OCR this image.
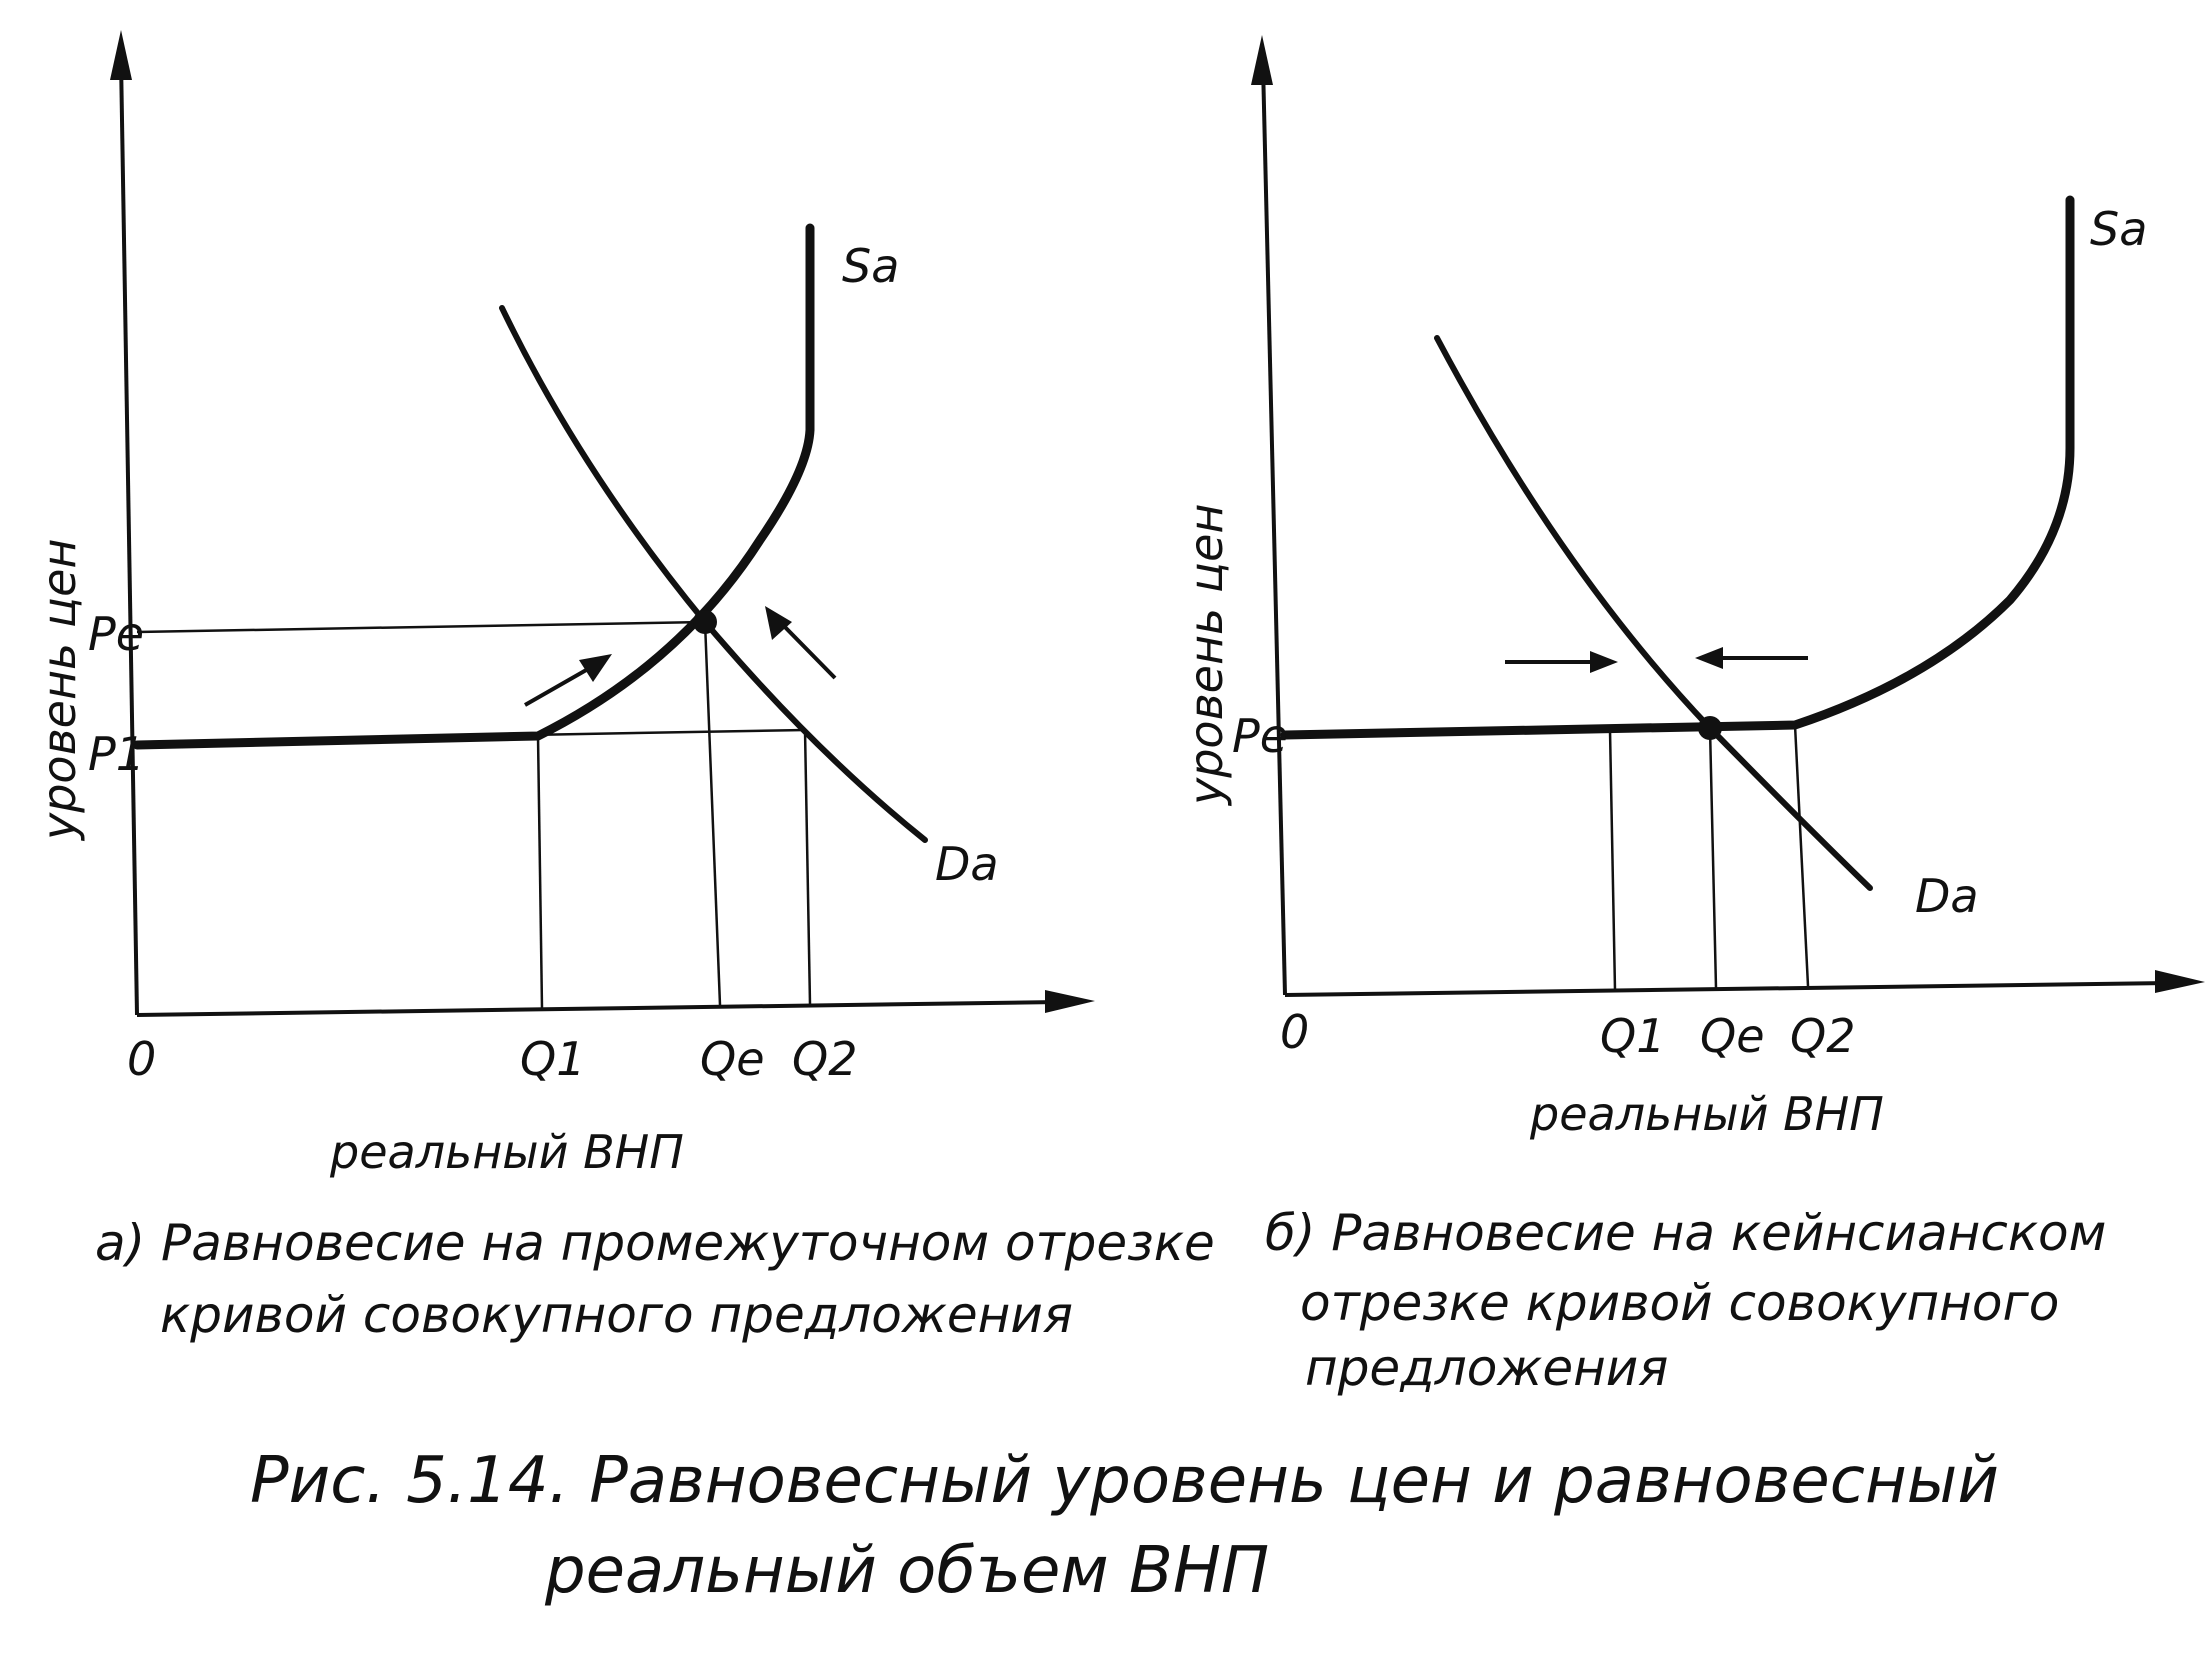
Sa
Da
Pe
P1
0	Q1 Qe Q2
реальный ВНП
уровень цен
a) Равновесие на промежуточном отрезке
кривой совокупного предложения
Sa
Da
Pe
0	Q1 Qe Q2
реальный ВНП
уровень цен
б) Равновесие на кейнсианском
отрезке кривой совокупного
предложения
Рис. 5.14. Равновесный уровень цен и равновесный
реальный объем ВНП
